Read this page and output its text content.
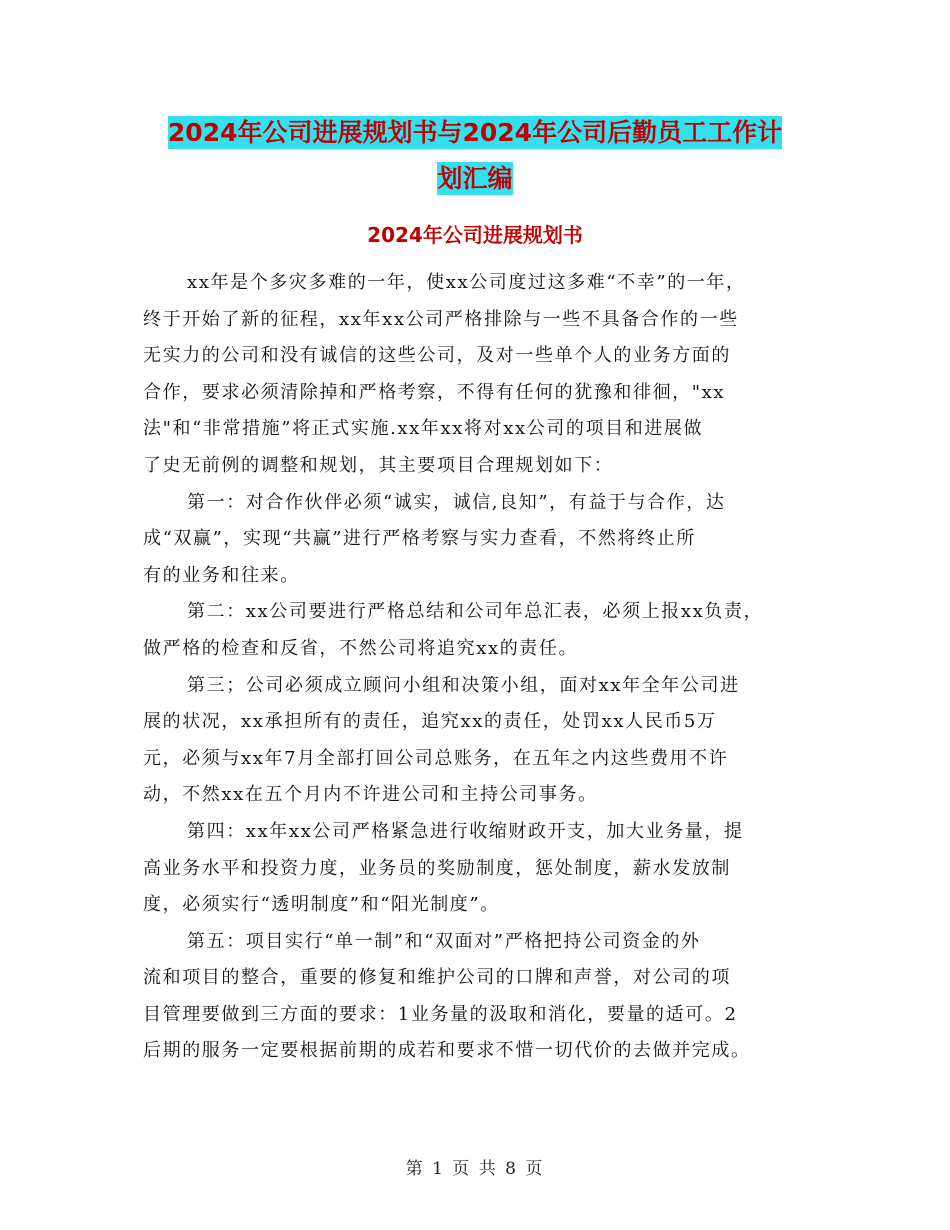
2024年公司进展规划书与2024年公司后勤员工工作计
划汇编
2024年公司进展规划书

xx年是个多灾多难的一年，使xx公司度过这多难“不幸”的一年，
终于开始了新的征程，xx年xx公司严格排除与一些不具备合作的一些
无实力的公司和没有诚信的这些公司，及对一些单个人的业务方面的
合作，要求必须清除掉和严格考察，不得有任何的犹豫和徘徊，"xx
法"和“非常措施”将正式实施.xx年xx将对xx公司的项目和进展做
了史无前例的调整和规划，其主要项目合理规划如下：

第一：对合作伙伴必须“诚实，诚信,良知”，有益于与合作，达
成“双赢”，实现“共赢”进行严格考察与实力查看，不然将终止所
有的业务和往来。

第二：xx公司要进行严格总结和公司年总汇表，必须上报xx负责，
做严格的检查和反省，不然公司将追究xx的责任。

第三；公司必须成立顾问小组和决策小组，面对xx年全年公司进
展的状况，xx承担所有的责任，追究xx的责任，处罚xx人民币5万
元，必须与xx年7月全部打回公司总账务，在五年之内这些费用不许
动，不然xx在五个月内不许进公司和主持公司事务。

第四：xx年xx公司严格紧急进行收缩财政开支，加大业务量，提
高业务水平和投资力度，业务员的奖励制度，惩处制度，薪水发放制
度，必须实行“透明制度”和“阳光制度”。

第五：项目实行“单一制”和“双面对”严格把持公司资金的外
流和项目的整合，重要的修复和维护公司的口牌和声誉，对公司的项
目管理要做到三方面的要求：1业务量的汲取和消化，要量的适可。2
后期的服务一定要根据前期的成若和要求不惜一切代价的去做并完成。

第 1 页 共 8 页
